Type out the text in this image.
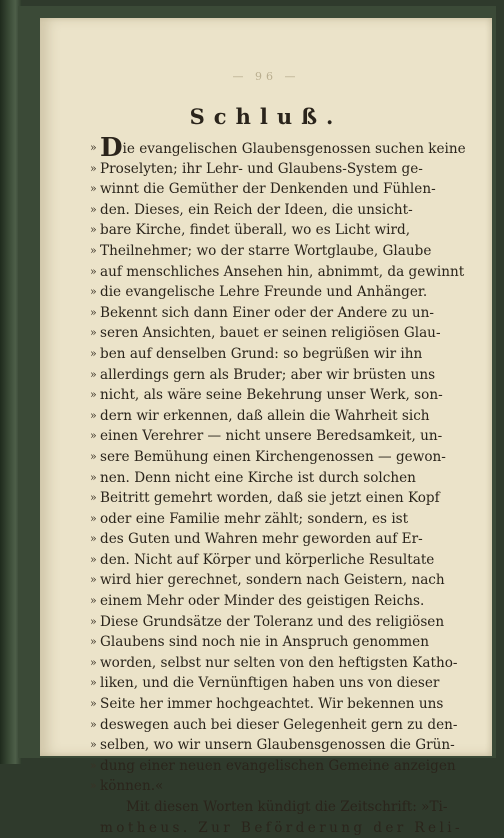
— 96 —
Schluß.
» Die evangelischen Glaubensgenossen suchen keine
» Proselyten; ihr Lehr- und Glaubens-System ge-
» winnt die Gemüther der Denkenden und Fühlen-
» den. Dieses, ein Reich der Ideen, die unsicht-
» bare Kirche, findet überall, wo es Licht wird,
» Theilnehmer; wo der starre Wortglaube, Glaube
» auf menschliches Ansehen hin, abnimmt, da gewinnt
» die evangelische Lehre Freunde und Anhänger.
» Bekennt sich dann Einer oder der Andere zu un-
» seren Ansichten, bauet er seinen religiösen Glau-
» ben auf denselben Grund: so begrüßen wir ihn
» allerdings gern als Bruder; aber wir brüsten uns
» nicht, als wäre seine Bekehrung unser Werk, son-
» dern wir erkennen, daß allein die Wahrheit sich
» einen Verehrer — nicht unsere Beredsamkeit, un-
» sere Bemühung einen Kirchengenossen — gewon-
» nen. Denn nicht eine Kirche ist durch solchen
» Beitritt gemehrt worden, daß sie jetzt einen Kopf
» oder eine Familie mehr zählt; sondern, es ist
» des Guten und Wahren mehr geworden auf Er-
» den. Nicht auf Körper und körperliche Resultate
» wird hier gerechnet, sondern nach Geistern, nach
» einem Mehr oder Minder des geistigen Reichs.
» Diese Grundsätze der Toleranz und des religiösen
» Glaubens sind noch nie in Anspruch genommen
» worden, selbst nur selten von den heftigsten Katho-
» liken, und die Vernünftigen haben uns von dieser
» Seite her immer hochgeachtet. Wir bekennen uns
» deswegen auch bei dieser Gelegenheit gern zu den-
» selben, wo wir unsern Glaubensgenossen die Grün-
» dung einer neuen evangelischen Gemeine anzeigen
» können.«
Mit diesen Worten kündigt die Zeitschrift: »Ti-
motheus. Zur Beförderung der Reli-
